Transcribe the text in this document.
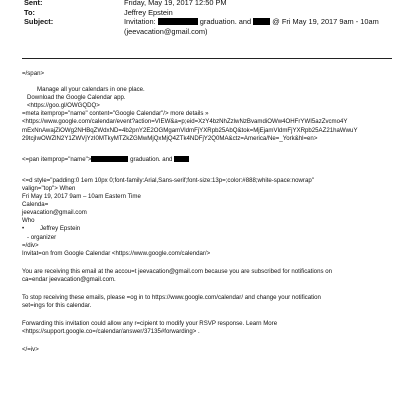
Sent:	Friday, May 19, 2017 12:50 PM
To:	Jeffrey Epstein
Subject:	Invitation:	graduation. and	@ Fri May 19, 2017 9am - 10am
(jeevacation@gmail.com)

=/span>

Manage all your calendars in one place.

Download the Google Calendar app.

<https://goo.gl/OWGQDQ>

=meta itemprop="name" content="Google Calendar"/> more details »

<https://www.google.com/calendar/event?action=VIEW&a=p;eid=XzY4bzNhZzlwNzBvamdiOWw4OHFrYWI5azZvcmo4Y

mExNnAwajZiOWg2NHBqZWdxND=4b2pnY2E2OGMgamVldmFjYXRpb25AbQ&tok=MjEjamVldmFjYXRpb25AZ21haWwuY

29tcjIwOWZlN2Y1ZWVjYzI0MTkyMTZkZGMwMjQxMjQ4ZTk4NDFjY2Q0MA&ctz=America/Ne=_York&hl=en>

<=pan itemprop="name">	graduation. and

<=d style="padding:0 1em 10px 0;font-family:Arial,Sans-serif;font-size:13p=;color:#888;white-space:nowrap"

valign="top"> When

Fri May 19, 2017 9am – 10am Eastern Time

Calenda=

jeevacation@gmail.com

Who

•	Jeffrey Epstein

- organizer

=/div>

Invitat=on from Google Calendar <https://www.google.com/calendar/>

You are receiving this email at the accou=t jeevacation@gmail.com because you are subscribed for notifications on

ca=endar jeevacation@gmail.com.

To stop receiving these emails, please =og in to https://www.google.com/calendar/ and change your notification

set=ings for this calendar.

Forwarding this invitation could allow any r=cipient to modify your RSVP response. Learn More

<https://support.google.co=/calendar/answer/37135#forwarding> .

</=iv>
